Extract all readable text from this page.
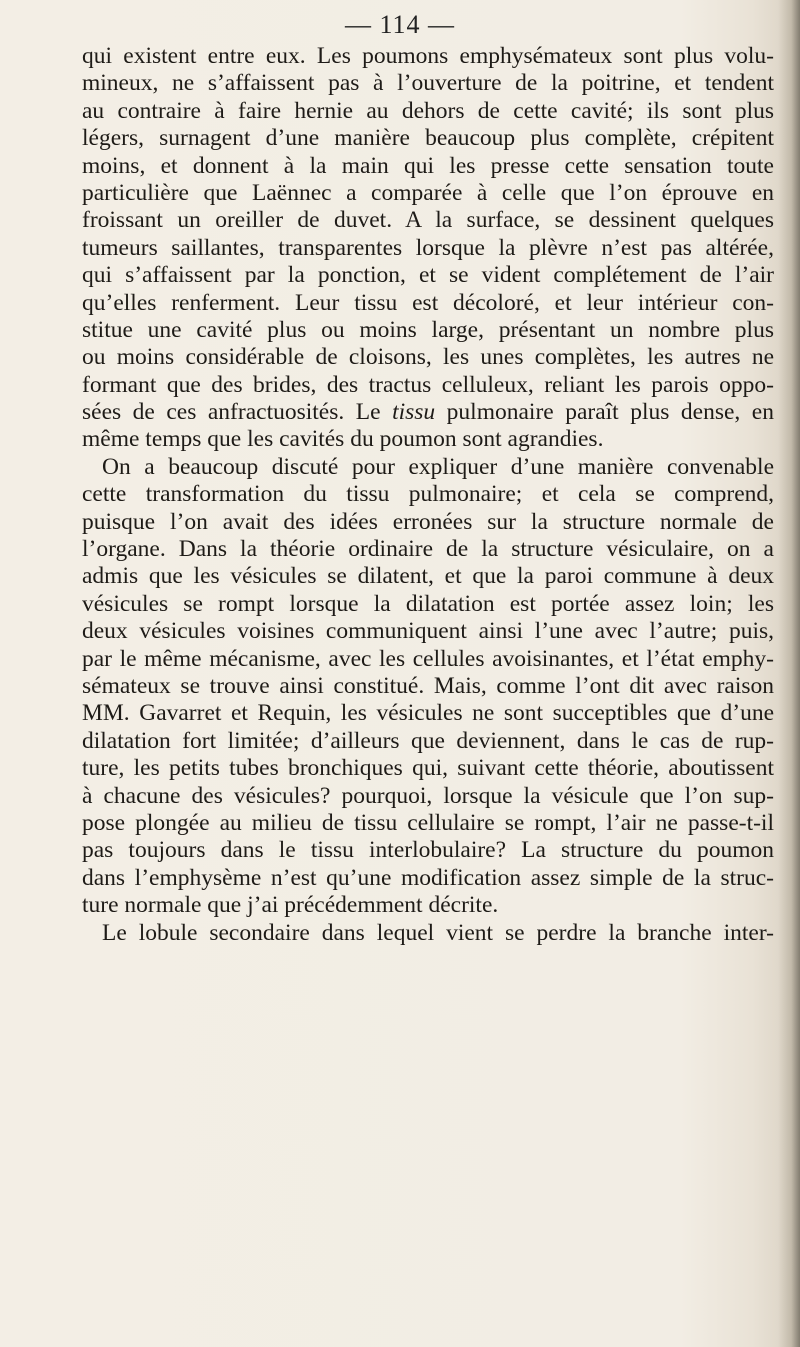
— 114 —
qui existent entre eux. Les poumons emphysémateux sont plus volu-
mineux, ne s’affaissent pas à l’ouverture de la poitrine, et tendent
au contraire à faire hernie au dehors de cette cavité; ils sont plus
légers, surnagent d’une manière beaucoup plus complète, crépitent
moins, et donnent à la main qui les presse cette sensation toute
particulière que Laënnec a comparée à celle que l’on éprouve en
froissant un oreiller de duvet. A la surface, se dessinent quelques
tumeurs saillantes, transparentes lorsque la plèvre n’est pas altérée,
qui s’affaissent par la ponction, et se vident complétement de l’air
qu’elles renferment. Leur tissu est décoloré, et leur intérieur con-
stitue une cavité plus ou moins large, présentant un nombre plus
ou moins considérable de cloisons, les unes complètes, les autres ne
formant que des brides, des tractus celluleux, reliant les parois oppo-
sées de ces anfractuosités. Le tissu pulmonaire paraît plus dense, en
même temps que les cavités du poumon sont agrandies.
On a beaucoup discuté pour expliquer d’une manière convenable
cette transformation du tissu pulmonaire; et cela se comprend,
puisque l’on avait des idées erronées sur la structure normale de
l’organe. Dans la théorie ordinaire de la structure vésiculaire, on a
admis que les vésicules se dilatent, et que la paroi commune à deux
vésicules se rompt lorsque la dilatation est portée assez loin; les
deux vésicules voisines communiquent ainsi l’une avec l’autre; puis,
par le même mécanisme, avec les cellules avoisinantes, et l’état emphy-
sémateux se trouve ainsi constitué. Mais, comme l’ont dit avec raison
MM. Gavarret et Requin, les vésicules ne sont succeptibles que d’une
dilatation fort limitée; d’ailleurs que deviennent, dans le cas de rup-
ture, les petits tubes bronchiques qui, suivant cette théorie, aboutissent
à chacune des vésicules? pourquoi, lorsque la vésicule que l’on sup-
pose plongée au milieu de tissu cellulaire se rompt, l’air ne passe-t-il
pas toujours dans le tissu interlobulaire? La structure du poumon
dans l’emphysème n’est qu’une modification assez simple de la struc-
ture normale que j’ai précédemment décrite.
Le lobule secondaire dans lequel vient se perdre la branche inter-
